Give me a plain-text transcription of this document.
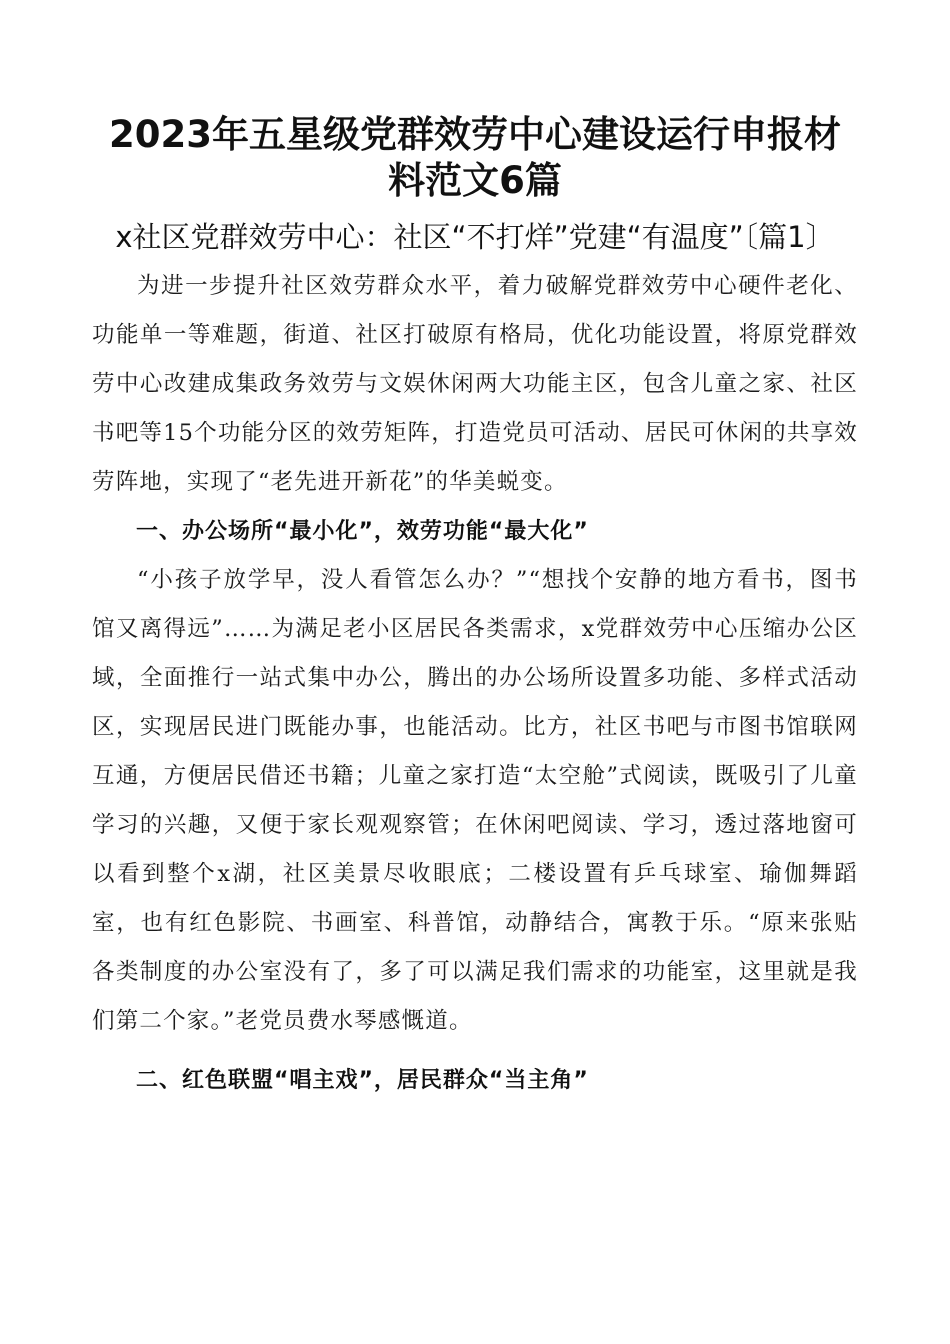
2023年五星级党群效劳中心建设运行申报材料范文6篇
x社区党群效劳中心：社区“不打烊”党建“有温度”〔篇1〕

为进一步提升社区效劳群众水平，着力破解党群效劳中心硬件老化、功能单一等难题，街道、社区打破原有格局，优化功能设置，将原党群效劳中心改建成集政务效劳与文娱休闲两大功能主区，包含儿童之家、社区书吧等15个功能分区的效劳矩阵，打造党员可活动、居民可休闲的共享效劳阵地，实现了“老先进开新花”的华美蜕变。

一、办公场所“最小化”，效劳功能“最大化”

“小孩子放学早，没人看管怎么办？”“想找个安静的地方看书，图书馆又离得远”……为满足老小区居民各类需求，x党群效劳中心压缩办公区域，全面推行一站式集中办公，腾出的办公场所设置多功能、多样式活动区，实现居民进门既能办事，也能活动。比方，社区书吧与市图书馆联网互通，方便居民借还书籍；儿童之家打造“太空舱”式阅读，既吸引了儿童学习的兴趣，又便于家长观观察管；在休闲吧阅读、学习，透过落地窗可以看到整个x湖，社区美景尽收眼底；二楼设置有乒乓球室、瑜伽舞蹈室，也有红色影院、书画室、科普馆，动静结合，寓教于乐。“原来张贴各类制度的办公室没有了，多了可以满足我们需求的功能室，这里就是我们第二个家。”老党员费水琴感慨道。

二、红色联盟“唱主戏”，居民群众“当主角”
